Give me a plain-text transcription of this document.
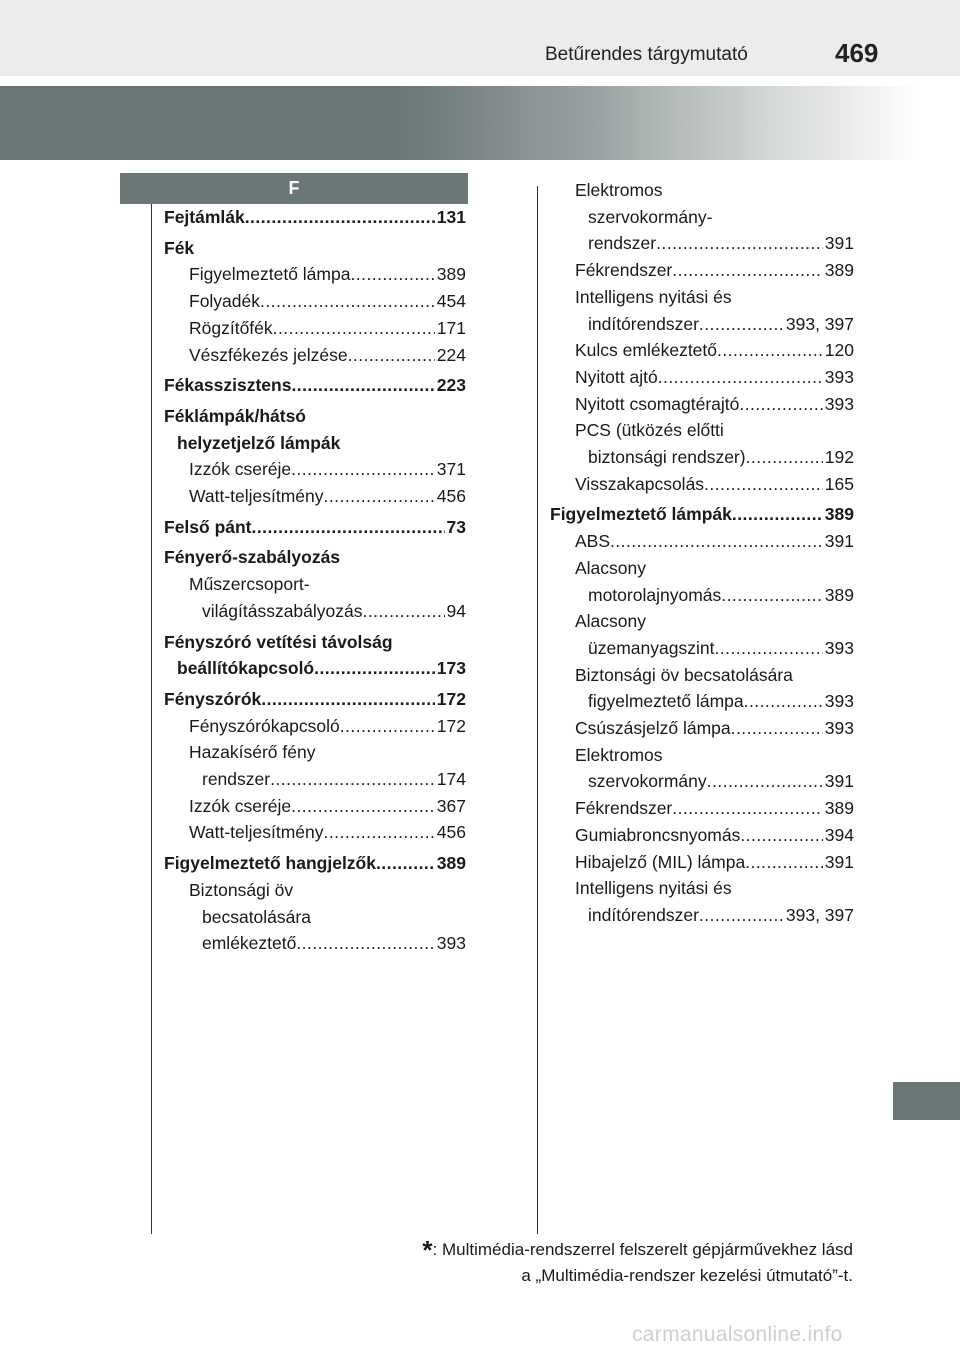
Betűrendes tárgymutató	469
F
Fejtámlák . . .	131
Fék
Figyelmeztető lámpa . . .	389
Folyadék . . .	454
Rögzítőfék . . .	171
Vészfékezés jelzése . . .	224
Fékasszisztens . . .	223
Féklámpák/hátsó
helyzetjelző lámpák
Izzók cseréje . . .	371
Watt-teljesítmény . . .	456
Felső pánt . . .	73
Fényerő-szabályozás
Műszercsoport-
világításszabályozás . . .	94
Fényszóró vetítési távolság
beállítókapcsoló . . .	173
Fényszórók . . .	172
Fényszórókapcsoló . . .	172
Hazakísérő fény
rendszer . . .	174
Izzók cseréje . . .	367
Watt-teljesítmény . . .	456
Figyelmeztető hangjelzők . . .	389
Biztonsági öv
becsatolására
emlékeztető . . .	393
Elektromos
szervokormány-
rendszer . . .	391
Fékrendszer . . .	389
Intelligens nyitási és
indítórendszer . . .	393, 397
Kulcs emlékeztető . . .	120
Nyitott ajtó . . .	393
Nyitott csomagtérajtó . . .	393
PCS (ütközés előtti
biztonsági rendszer) . . .	192
Visszakapcsolás . . .	165
Figyelmeztető lámpák . . .	389
ABS . . .	391
Alacsony
motorolajnyomás . . .	389
Alacsony
üzemanyagszint . . .	393
Biztonsági öv becsatolására
figyelmeztető lámpa . . .	393
Csúszásjelző lámpa . . .	393
Elektromos
szervokormány . . .	391
Fékrendszer . . .	389
Gumiabroncsnyomás . . .	394
Hibajelző (MIL) lámpa . . .	391
Intelligens nyitási és
indítórendszer . . .	393, 397
*: Multimédia-rendszerrel felszerelt gépjárművekhez lásd
a „Multimédia-rendszer kezelési útmutató”-t.
carmanualsonline.info
